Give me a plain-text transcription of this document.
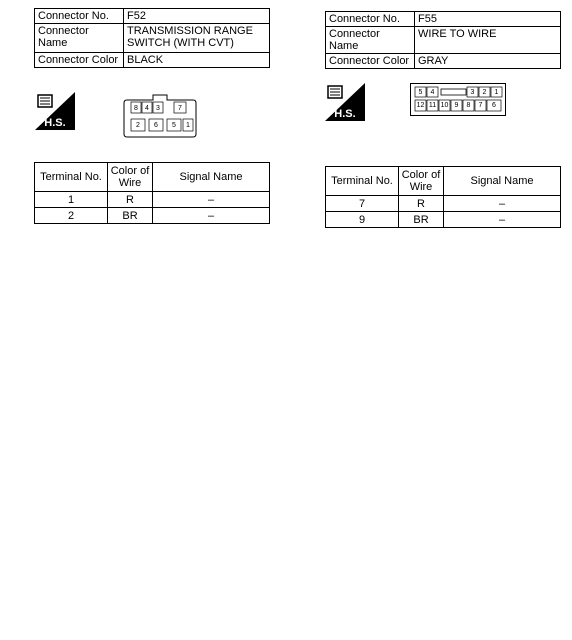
Connector No.	F52
Connector Name	TRANSMISSION RANGE SWITCH (WITH CVT)
Connector Color	BLACK
H.S.
8	4	3	7
2	6	5	1
Terminal No.	Color of Wire	Signal Name
1	R	–
2	BR	–
Connector No.	F55
Connector Name	WIRE TO WIRE
Connector Color	GRAY
H.S.
5	4	3	2	1
12 11 10 9	8	7	6
Terminal No.	Color of Wire	Signal Name
7	R	–
9	BR	–
